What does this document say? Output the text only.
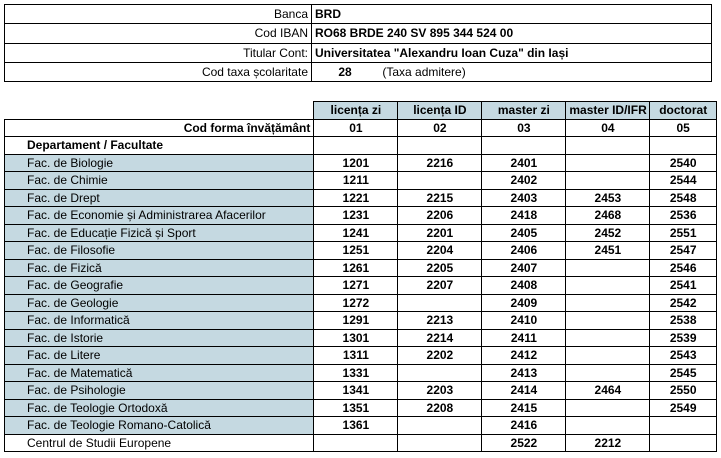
Banca	BRD
Cod IBAN	RO68 BRDE 240 SV 895 344 524 00
Titular Cont:	Universitatea "Alexandru Ioan Cuza" din Iași
Cod taxa școlaritate	28 (Taxa admitere)
	licența zi	licența ID	master zi	master ID/IFR	doctorat
Cod forma învățământ	01	02	03	04	05
Departament / Facultate					
Fac. de Biologie	1201	2216	2401		2540
Fac. de Chimie	1211		2402		2544
Fac. de Drept	1221	2215	2403	2453	2548
Fac. de Economie și Administrarea Afacerilor	1231	2206	2418	2468	2536
Fac. de Educație Fizică și Sport	1241	2201	2405	2452	2551
Fac. de Filosofie	1251	2204	2406	2451	2547
Fac. de Fizică	1261	2205	2407		2546
Fac. de Geografie	1271	2207	2408		2541
Fac. de Geologie	1272		2409		2542
Fac. de Informatică	1291	2213	2410		2538
Fac. de Istorie	1301	2214	2411		2539
Fac. de Litere	1311	2202	2412		2543
Fac. de Matematică	1331		2413		2545
Fac. de Psihologie	1341	2203	2414	2464	2550
Fac. de Teologie Ortodoxă	1351	2208	2415		2549
Fac. de Teologie Romano-Catolică	1361		2416		
Centrul de Studii Europene			2522	2212	
